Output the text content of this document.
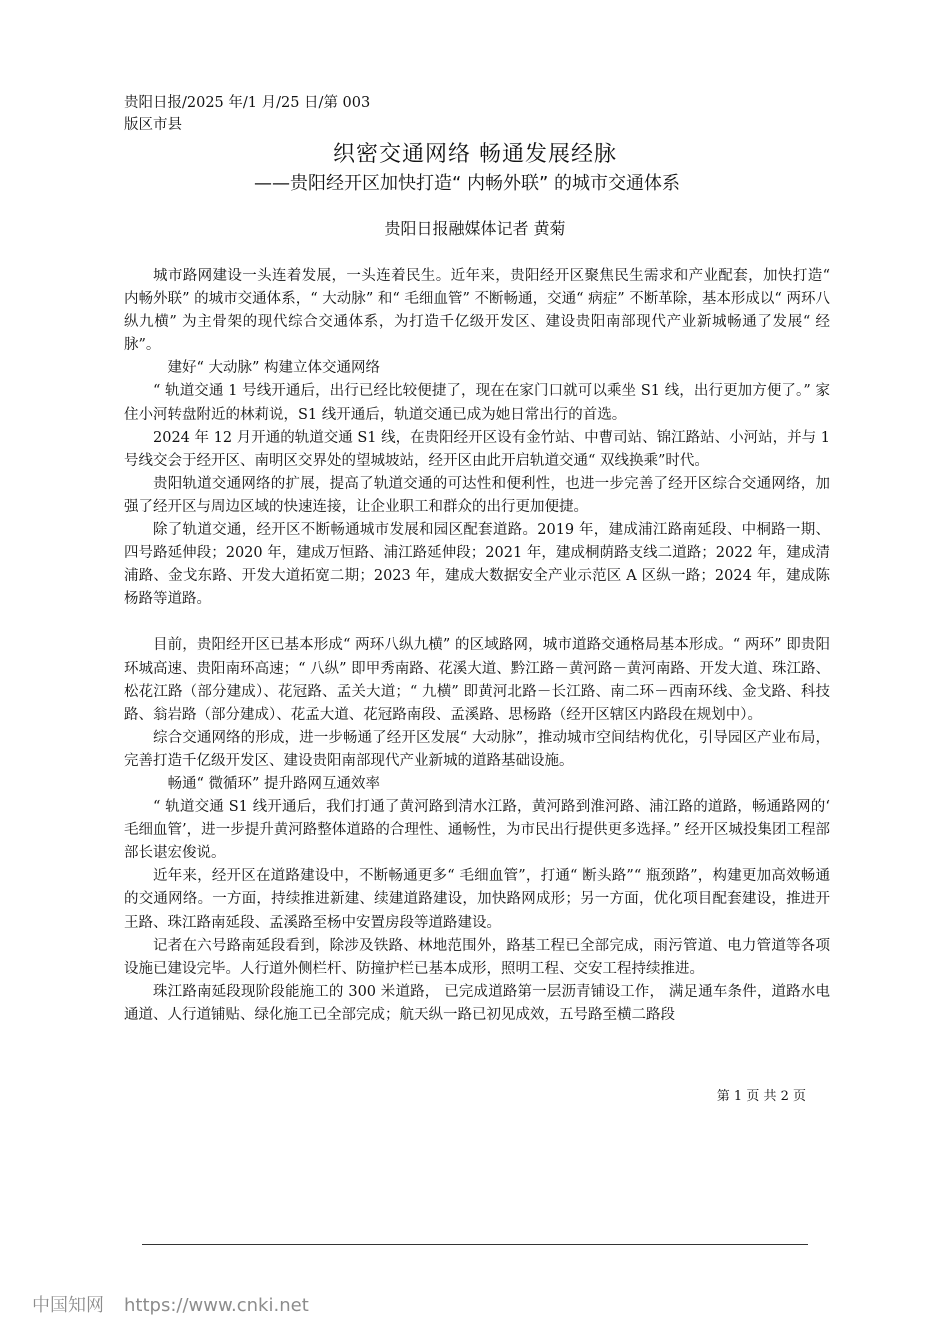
贵阳日报/2025 年/1 月/25 日/第 003
版区市县
织密交通网络 畅通发展经脉
——贵阳经开区加快打造“ 内畅外联” 的城市交通体系
贵阳日报融媒体记者 黄菊

城市路网建设一头连着发展，一头连着民生。近年来，贵阳经开区聚焦民生需求和产业配套，加快打造“ 内畅外联” 的城市交通体系，“ 大动脉” 和“ 毛细血管” 不断畅通，交通“ 病症” 不断革除，基本形成以“ 两环八纵九横” 为主骨架的现代综合交通体系，为打造千亿级开发区、建设贵阳南部现代产业新城畅通了发展“ 经脉”。

建好“ 大动脉” 构建立体交通网络

“ 轨道交通 1 号线开通后，出行已经比较便捷了，现在在家门口就可以乘坐 S1 线，出行更加方便了。” 家住小河转盘附近的林莉说，S1 线开通后，轨道交通已成为她日常出行的首选。

2024 年 12 月开通的轨道交通 S1 线，在贵阳经开区设有金竹站、中曹司站、锦江路站、小河站，并与 1 号线交会于经开区、南明区交界处的望城坡站，经开区由此开启轨道交通“ 双线换乘”时代。

贵阳轨道交通网络的扩展，提高了轨道交通的可达性和便利性，也进一步完善了经开区综合交通网络，加强了经开区与周边区域的快速连接，让企业职工和群众的出行更加便捷。

除了轨道交通，经开区不断畅通城市发展和园区配套道路。2019 年，建成浦江路南延段、中桐路一期、四号路延伸段；2020 年，建成万恒路、浦江路延伸段；2021 年，建成桐荫路支线二道路；2022 年，建成清浦路、金戈东路、开发大道拓宽二期；2023 年，建成大数据安全产业示范区 A 区纵一路；2024 年，建成陈杨路等道路。

目前，贵阳经开区已基本形成“ 两环八纵九横” 的区域路网，城市道路交通格局基本形成。“ 两环” 即贵阳环城高速、贵阳南环高速；“ 八纵” 即甲秀南路、花溪大道、黔江路－黄河路－黄河南路、开发大道、珠江路、松花江路（部分建成）、花冠路、孟关大道；“ 九横” 即黄河北路－长江路、南二环－西南环线、金戈路、科技路、翁岩路（部分建成）、花孟大道、花冠路南段、孟溪路、思杨路（经开区辖区内路段在规划中）。

综合交通网络的形成，进一步畅通了经开区发展“ 大动脉”，推动城市空间结构优化，引导园区产业布局，完善打造千亿级开发区、建设贵阳南部现代产业新城的道路基础设施。

畅通“ 微循环” 提升路网互通效率

“ 轨道交通 S1 线开通后，我们打通了黄河路到清水江路，黄河路到淮河路、浦江路的道路，畅通路网的‘ 毛细血管’，进一步提升黄河路整体道路的合理性、通畅性，为市民出行提供更多选择。” 经开区城投集团工程部部长谌宏俊说。

近年来，经开区在道路建设中，不断畅通更多“ 毛细血管”，打通“ 断头路”“ 瓶颈路”，构建更加高效畅通的交通网络。一方面，持续推进新建、续建道路建设，加快路网成形；另一方面，优化项目配套建设，推进开王路、珠江路南延段、孟溪路至杨中安置房段等道路建设。

记者在六号路南延段看到，除涉及铁路、林地范围外，路基工程已全部完成，雨污管道、电力管道等各项设施已建设完毕。人行道外侧栏杆、防撞护栏已基本成形，照明工程、交安工程持续推进。

珠江路南延段现阶段能施工的 300 米道路， 已完成道路第一层沥青铺设工作， 满足通车条件，道路水电通道、人行道铺贴、绿化施工已全部完成；航天纵一路已初见成效，五号路至横二路段

第 1 页 共 2 页
中国知网 https://www.cnki.net
